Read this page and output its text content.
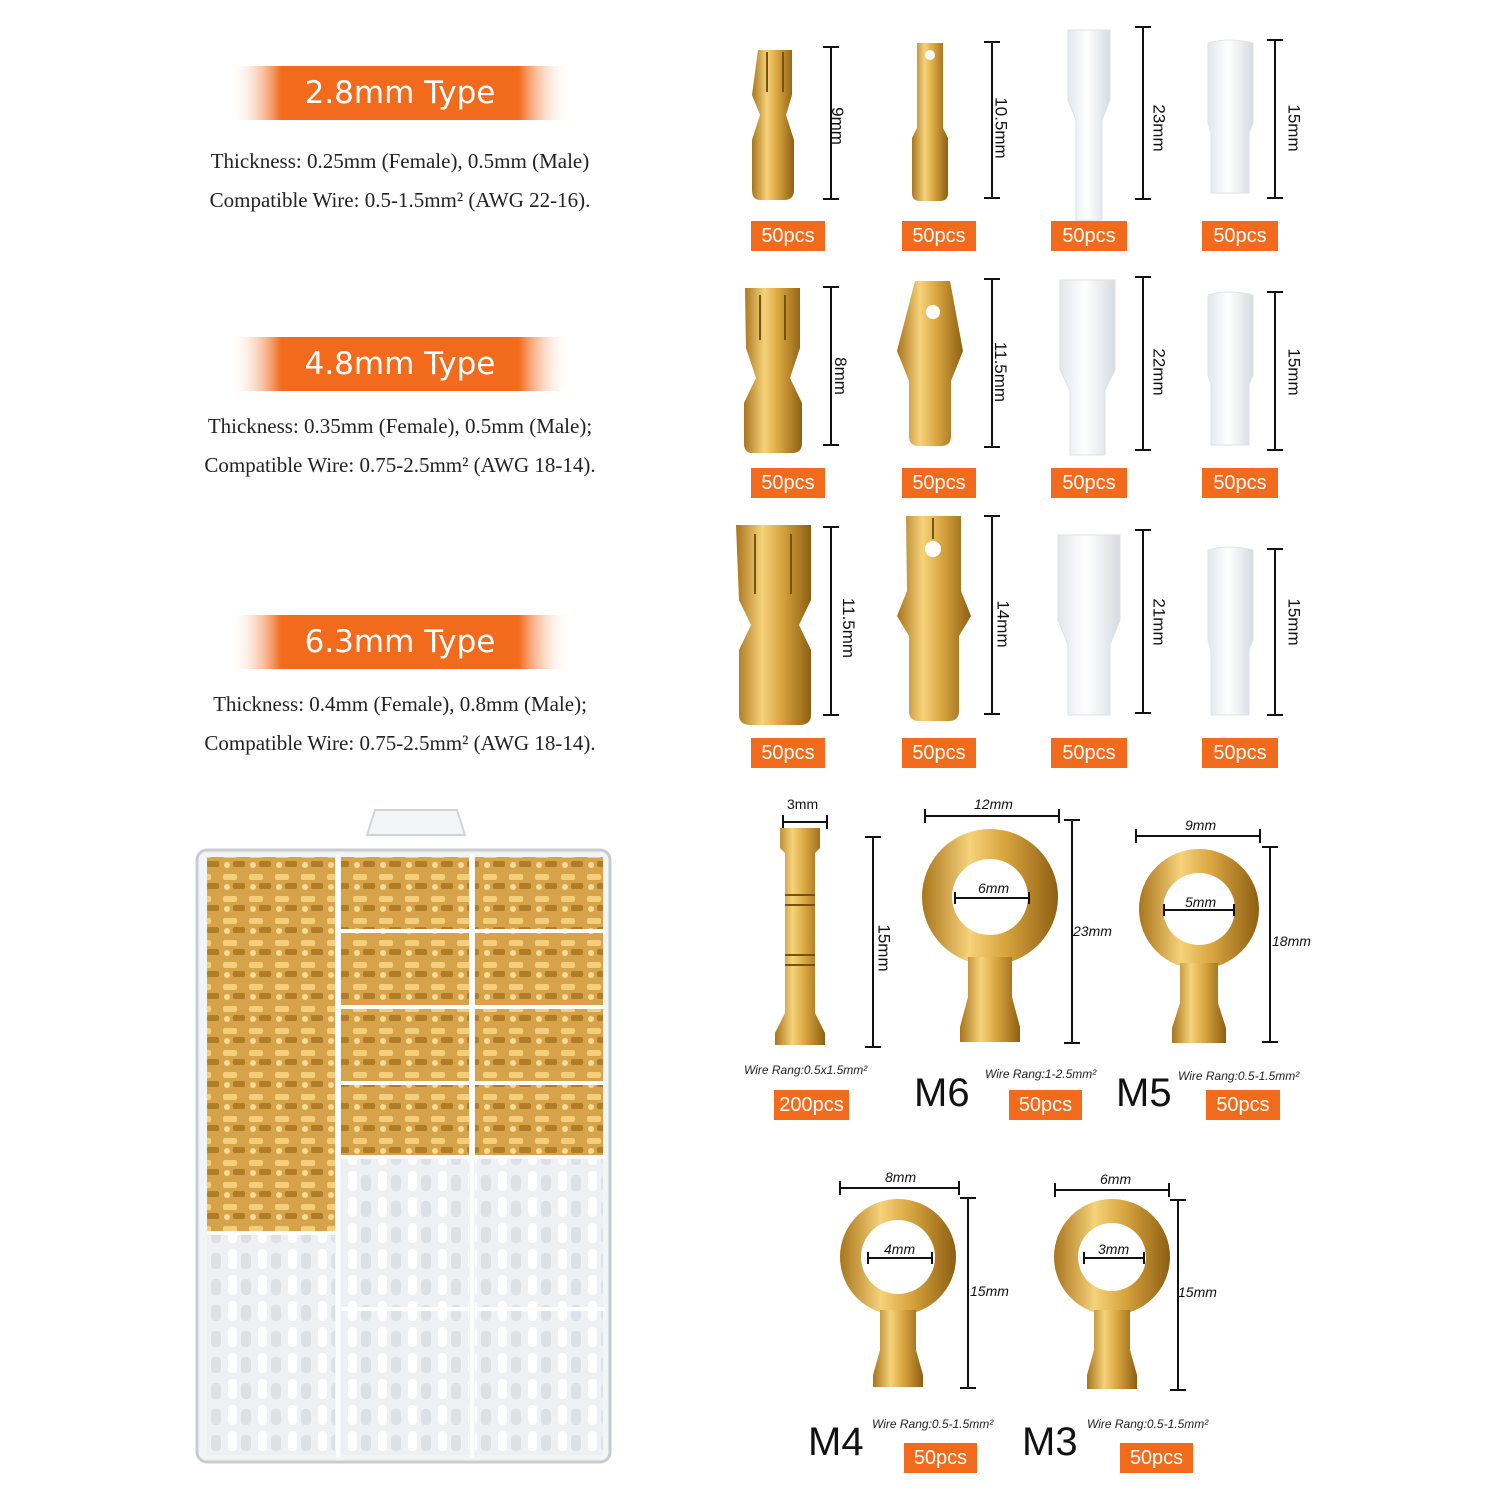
2.8mm Type
Thickness: 0.25mm (Female), 0.5mm (Male)
Compatible Wire: 0.5-1.5mm² (AWG 22-16).
4.8mm Type
Thickness: 0.35mm (Female), 0.5mm (Male);
Compatible Wire: 0.75-2.5mm² (AWG 18-14).
6.3mm Type
Thickness: 0.4mm (Female), 0.8mm (Male);
Compatible Wire: 0.75-2.5mm² (AWG 18-14).
9mm	10.5mm	23mm	15mm
50pcs	50pcs	50pcs	50pcs
8mm	11.5mm	22mm	15mm
50pcs	50pcs	50pcs	50pcs
11.5mm	14mm	21mm	15mm
50pcs	50pcs	50pcs	50pcs
3mm
15mm
Wire Rang:0.5x1.5mm²
200pcs
12mm
6mm
23mm
M6 Wire Rang:1-2.5mm²
50pcs
9mm
5mm
18mm
M5 Wire Rang:0.5-1.5mm²
50pcs
8mm
4mm
15mm
M4 Wire Rang:0.5-1.5mm²
50pcs
6mm
3mm
15mm
M3 Wire Rang:0.5-1.5mm²
50pcs
